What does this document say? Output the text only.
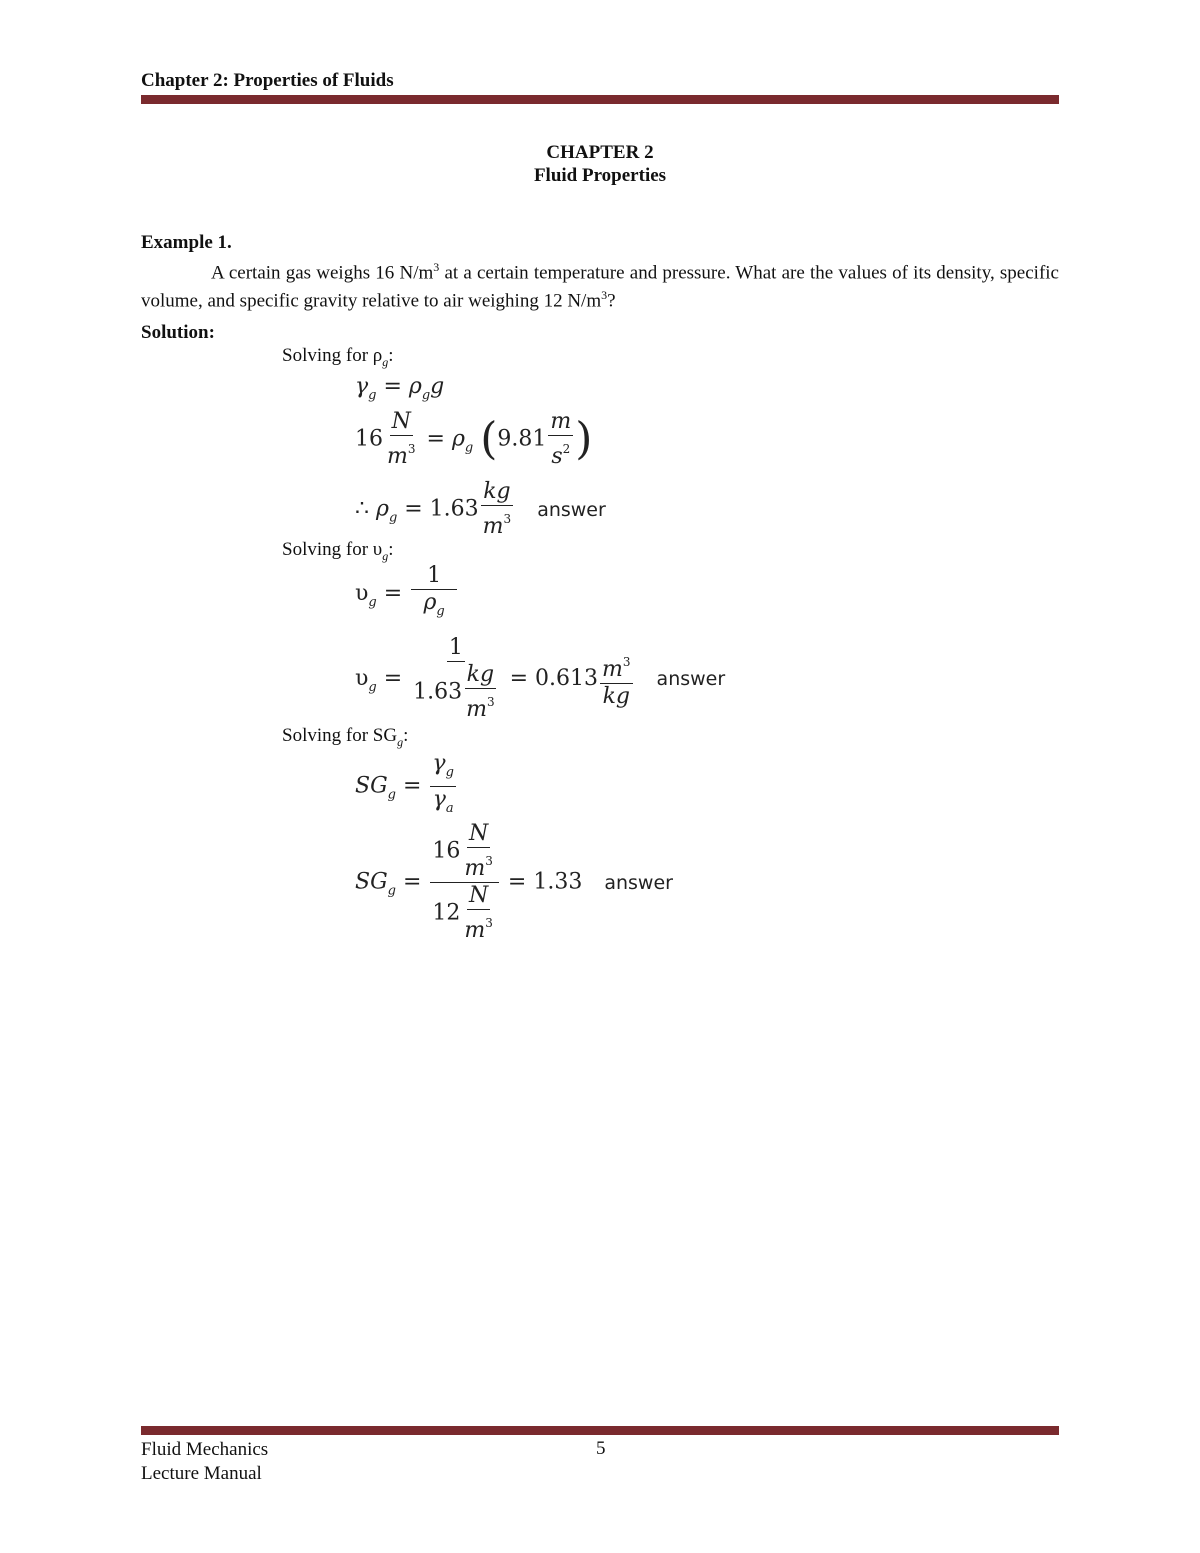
Chapter 2: Properties of Fluids
CHAPTER 2
Fluid Properties
Example 1.
A certain gas weighs 16 $N/m^3$ at a certain temperature and pressure. What are the values of its density, specific volume, and specific gravity relative to air weighing 12 $N/m^3$?
Solution:
Solving for $\rho_g$:
$\gamma_g = \rho_gg$
$16 \frac{N}{m^3} = \rho_g$ ($9.81 \frac{m}{s^2}$ )
∴ $\rho_g = 1.63 \frac{kg}{m^3}$ answer
Solving for $\upsilon_g$:
$\upsilon_g = \frac{1}{\rho_g}$
$\upsilon_g = \frac{1}{1.63 \frac{kg}{m^3}} = 0.613 \frac{m^3}{kg}$ answer
Solving for $SG_g$:
$SG_g = \frac{\gamma_g}{\gamma_a}$
$SG_g = \frac{16 \frac{N}{m^3}}{12 \frac{N}{m^3}} = 1.33$ answer
Fluid Mechanics
Lecture Manual
5
